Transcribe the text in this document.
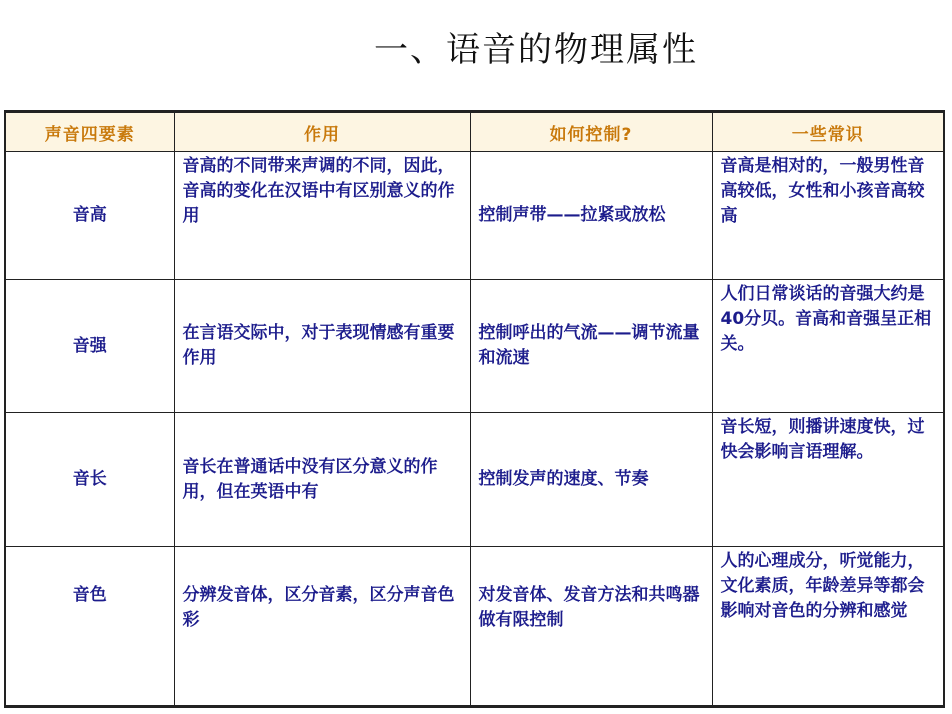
一、语音的物理属性
声音四要素	作用	如何控制?	一些常识
音高	音高的不同带来声调的不同，因此，音高的变化在汉语中有区别意义的作用	控制声带——拉紧或放松	音高是相对的，一般男性音高较低，女性和小孩音高较高
音强	在言语交际中，对于表现情感有重要作用	控制呼出的气流——调节流量和流速	人们日常谈话的音强大约是40分贝。音高和音强呈正相关。
音长	音长在普通话中没有区分意义的作用，但在英语中有	控制发声的速度、节奏	音长短，则播讲速度快，过快会影响言语理解。
音色	分辨发音体，区分音素，区分声音色彩	对发音体、发音方法和共鸣器做有限控制	人的心理成分，听觉能力，文化素质，年龄差异等都会影响对音色的分辨和感觉
